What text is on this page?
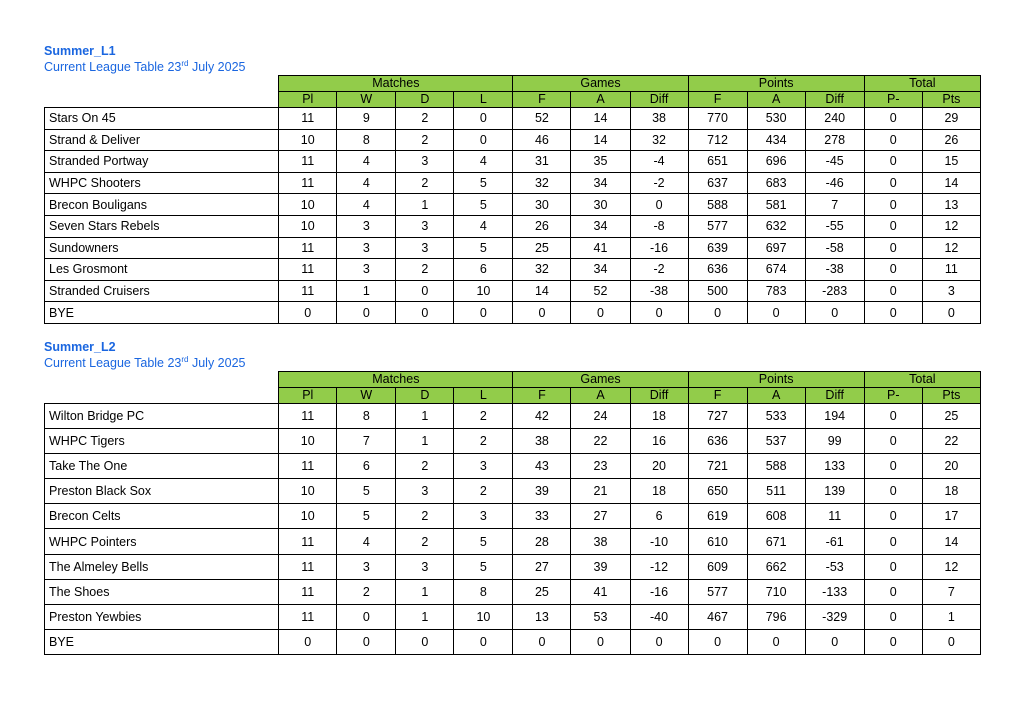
Summer_L1
Current League Table 23rd July 2025
	Matches				Games			Points			Total	
	Pl	W	D	L	F	A	Diff	F	A	Diff	P-	Pts
Stars On 45	11	9	2	0	52	14	38	770	530	240	0	29
Strand & Deliver	10	8	2	0	46	14	32	712	434	278	0	26
Stranded Portway	11	4	3	4	31	35	-4	651	696	-45	0	15
WHPC Shooters	11	4	2	5	32	34	-2	637	683	-46	0	14
Brecon Bouligans	10	4	1	5	30	30	0	588	581	7	0	13
Seven Stars Rebels	10	3	3	4	26	34	-8	577	632	-55	0	12
Sundowners	11	3	3	5	25	41	-16	639	697	-58	0	12
Les Grosmont	11	3	2	6	32	34	-2	636	674	-38	0	11
Stranded Cruisers	11	1	0	10	14	52	-38	500	783	-283	0	3
BYE	0	0	0	0	0	0	0	0	0	0	0	0
Summer_L2
Current League Table 23rd July 2025
	Matches				Games			Points			Total	
	Pl	W	D	L	F	A	Diff	F	A	Diff	P-	Pts
Wilton Bridge PC	11	8	1	2	42	24	18	727	533	194	0	25
WHPC Tigers	10	7	1	2	38	22	16	636	537	99	0	22
Take The One	11	6	2	3	43	23	20	721	588	133	0	20
Preston Black Sox	10	5	3	2	39	21	18	650	511	139	0	18
Brecon Celts	10	5	2	3	33	27	6	619	608	11	0	17
WHPC Pointers	11	4	2	5	28	38	-10	610	671	-61	0	14
The Almeley Bells	11	3	3	5	27	39	-12	609	662	-53	0	12
The Shoes	11	2	1	8	25	41	-16	577	710	-133	0	7
Preston Yewbies	11	0	1	10	13	53	-40	467	796	-329	0	1
BYE	0	0	0	0	0	0	0	0	0	0	0	0
